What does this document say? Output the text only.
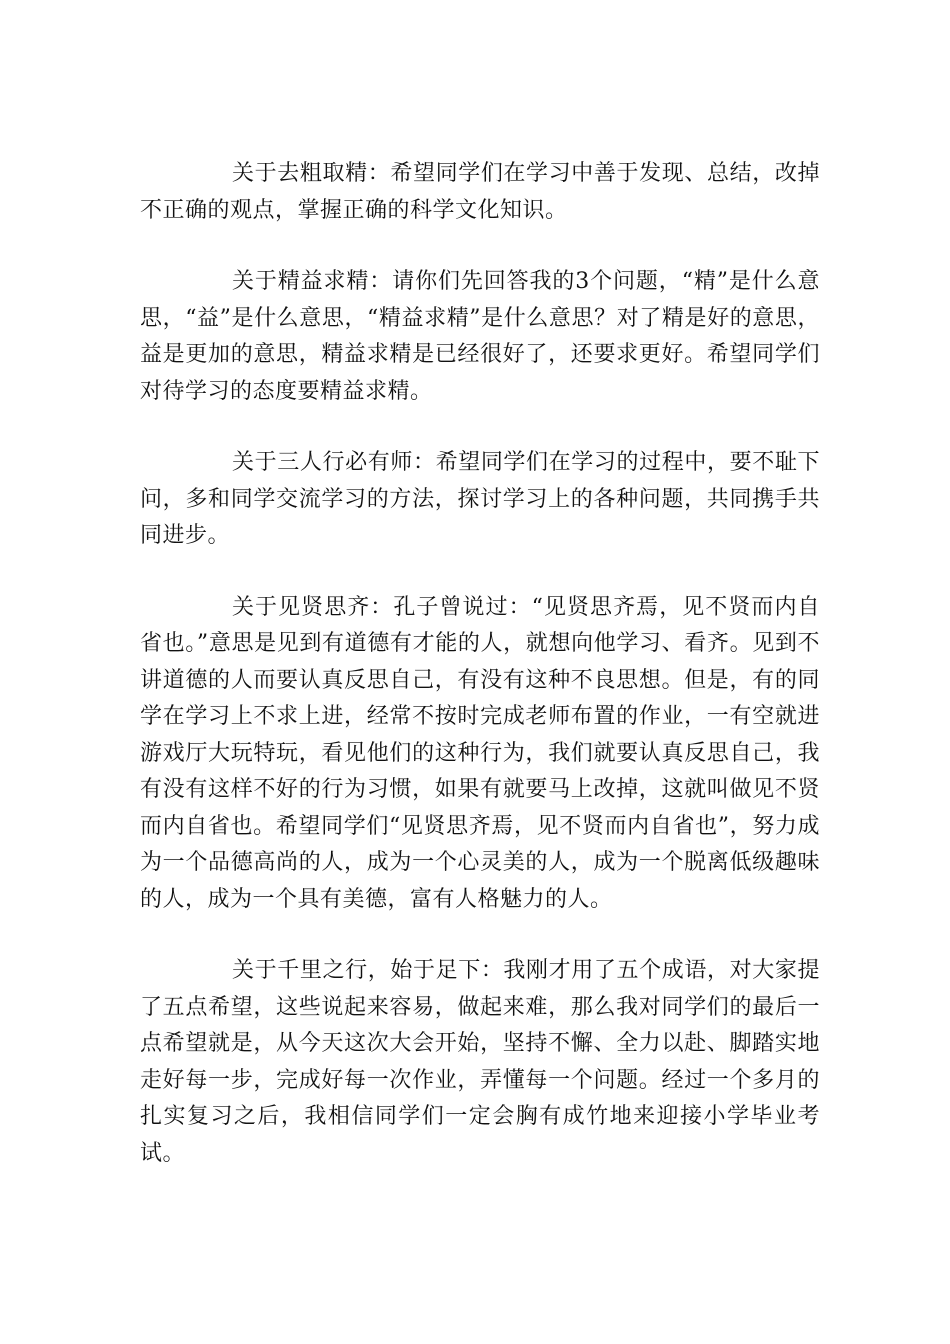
关于去粗取精：希望同学们在学习中善于发现、总结，改掉不正确的观点，掌握正确的科学文化知识。

关于精益求精：请你们先回答我的3个问题，“精”是什么意思，“益”是什么意思，“精益求精”是什么意思？对了精是好的意思，益是更加的意思，精益求精是已经很好了，还要求更好。希望同学们对待学习的态度要精益求精。

关于三人行必有师：希望同学们在学习的过程中，要不耻下问，多和同学交流学习的方法，探讨学习上的各种问题，共同携手共同进步。

关于见贤思齐：孔子曾说过：“见贤思齐焉，见不贤而内自省也。”意思是见到有道德有才能的人，就想向他学习、看齐。见到不讲道德的人而要认真反思自己，有没有这种不良思想。但是，有的同学在学习上不求上进，经常不按时完成老师布置的作业，一有空就进游戏厅大玩特玩，看见他们的这种行为，我们就要认真反思自己，我有没有这样不好的行为习惯，如果有就要马上改掉，这就叫做见不贤而内自省也。希望同学们“见贤思齐焉，见不贤而内自省也”，努力成为一个品德高尚的人，成为一个心灵美的人，成为一个脱离低级趣味的人，成为一个具有美德，富有人格魅力的人。

关于千里之行，始于足下：我刚才用了五个成语，对大家提了五点希望，这些说起来容易，做起来难，那么我对同学们的最后一点希望就是，从今天这次大会开始，坚持不懈、全力以赴、脚踏实地走好每一步，完成好每一次作业，弄懂每一个问题。经过一个多月的扎实复习之后，我相信同学们一定会胸有成竹地来迎接小学毕业考试。
